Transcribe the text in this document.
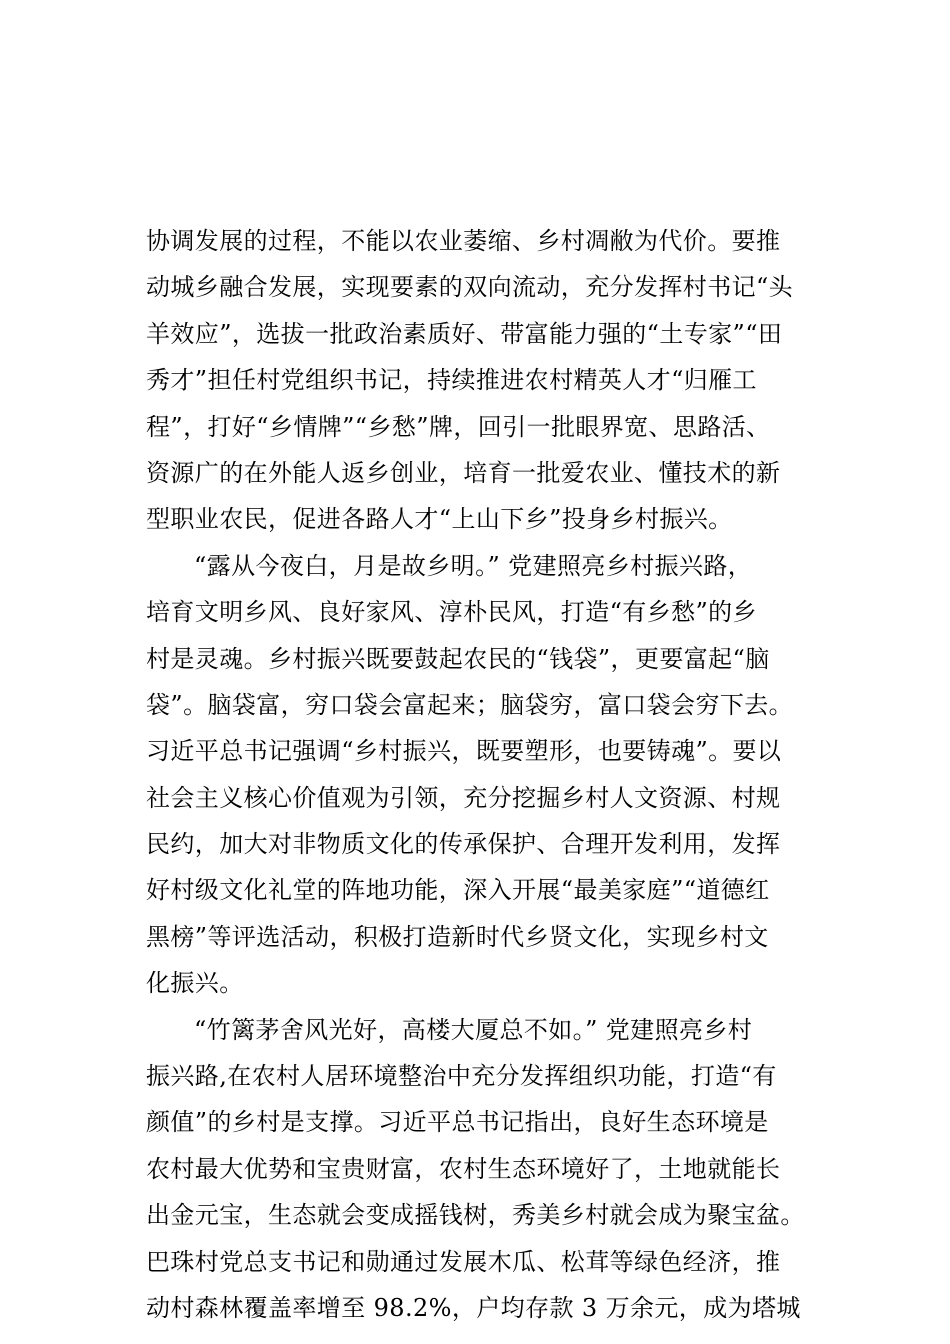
协调发展的过程，不能以农业萎缩、乡村凋敝为代价。要推
动城乡融合发展，实现要素的双向流动，充分发挥村书记“头
羊效应”，选拔一批政治素质好、带富能力强的“土专家”“田
秀才”担任村党组织书记，持续推进农村精英人才“归雁工
程”，打好“乡情牌”“乡愁”牌，回引一批眼界宽、思路活、
资源广的在外能人返乡创业，培育一批爱农业、懂技术的新
型职业农民，促进各路人才“上山下乡”投身乡村振兴。
“露从今夜白，月是故乡明。” 党建照亮乡村振兴路，
培育文明乡风、良好家风、淳朴民风，打造“有乡愁”的乡
村是灵魂。乡村振兴既要鼓起农民的“钱袋”，更要富起“脑
袋”。脑袋富，穷口袋会富起来；脑袋穷，富口袋会穷下去。
习近平总书记强调“乡村振兴，既要塑形，也要铸魂”。要以
社会主义核心价值观为引领，充分挖掘乡村人文资源、村规
民约，加大对非物质文化的传承保护、合理开发利用，发挥
好村级文化礼堂的阵地功能，深入开展“最美家庭”“道德红
黑榜”等评选活动，积极打造新时代乡贤文化，实现乡村文
化振兴。
“竹篱茅舍风光好，高楼大厦总不如。” 党建照亮乡村
振兴路,在农村人居环境整治中充分发挥组织功能，打造“有
颜值”的乡村是支撑。习近平总书记指出，良好生态环境是
农村最大优势和宝贵财富，农村生态环境好了，土地就能长
出金元宝，生态就会变成摇钱树，秀美乡村就会成为聚宝盆。
巴珠村党总支书记和勋通过发展木瓜、松茸等绿色经济，推
动村森林覆盖率增至 98.2%，户均存款 3 万余元，成为塔城
